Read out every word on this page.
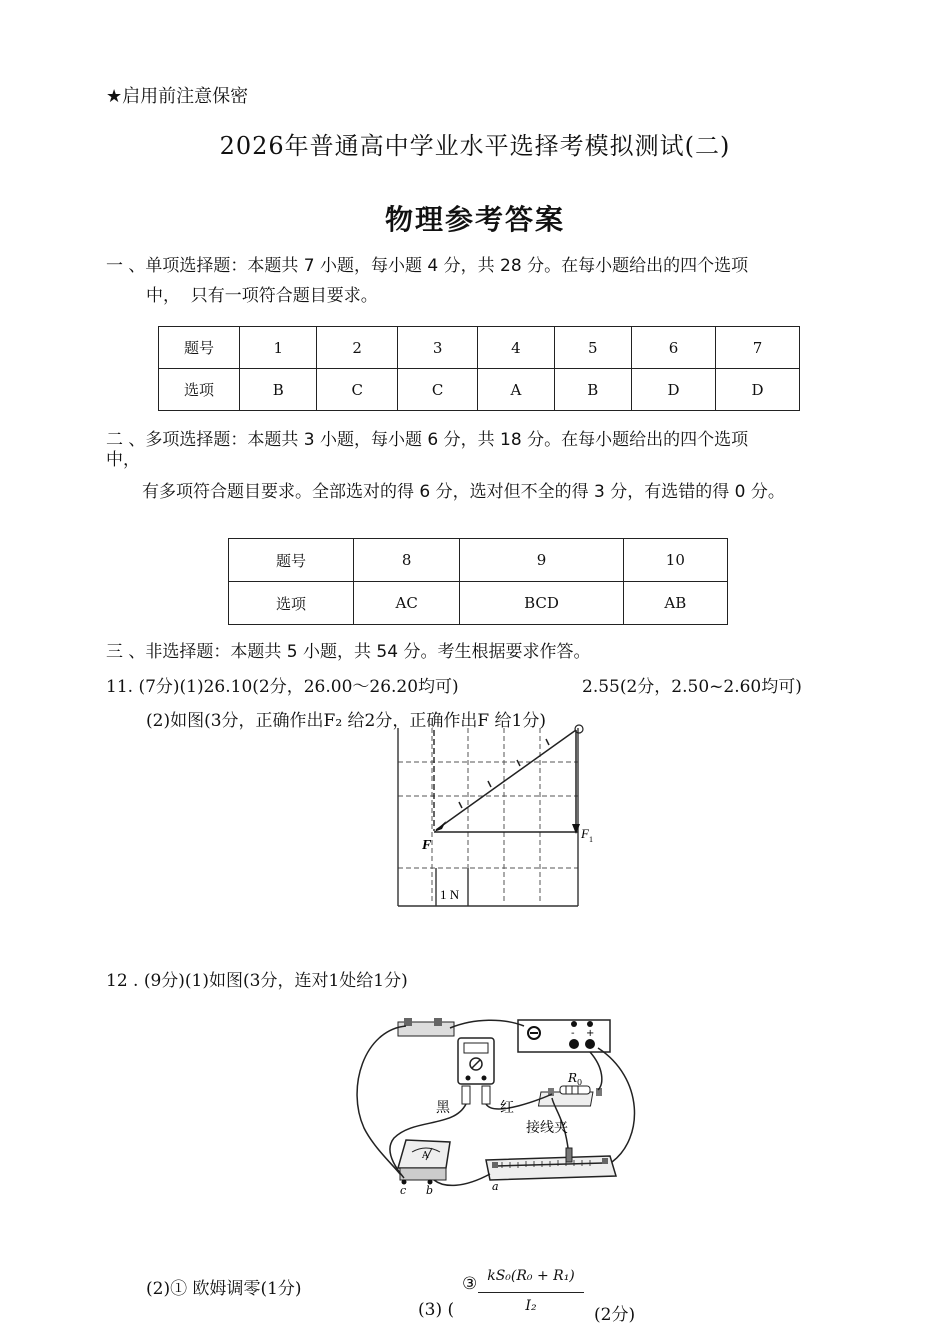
★启用前注意保密
2026年普通高中学业水平选择考模拟测试(二)
物理参考答案
一 、单项选择题：本题共 7 小题，每小题 4 分，共 28 分。在每小题给出的四个选项
中，  只有一项符合题目要求。
题号	1	2	3	4	5	6	7
选项	B	C	C	A	B	D	D
二 、多项选择题：本题共 3 小题，每小题 6 分，共 18 分。在每小题给出的四个选项
中，
有多项符合题目要求。全部选对的得 6 分，选对但不全的得 3 分，有选错的得 0 分。
题号	8	9	10
选项	AC	BCD	AB
三 、非选择题：本题共 5 小题，共 54 分。考生根据要求作答。
11. (7分)(1)26.10(2分，26.00～26.20均可)	2.55(2分，2.50~2.60均可)
(2)如图(3分，正确作出F₂ 给2分，正确作出F 给1分)
F
F 1
1 N
12 . (9分)(1)如图(3分，连对1处给1分)
- +
黑	红
接线夹
R 0
A
a
b
c
(2)① 欧姆调零(1分)
(3) (
③ kS₀(R₀ + R₁)
I₂	(2分)
